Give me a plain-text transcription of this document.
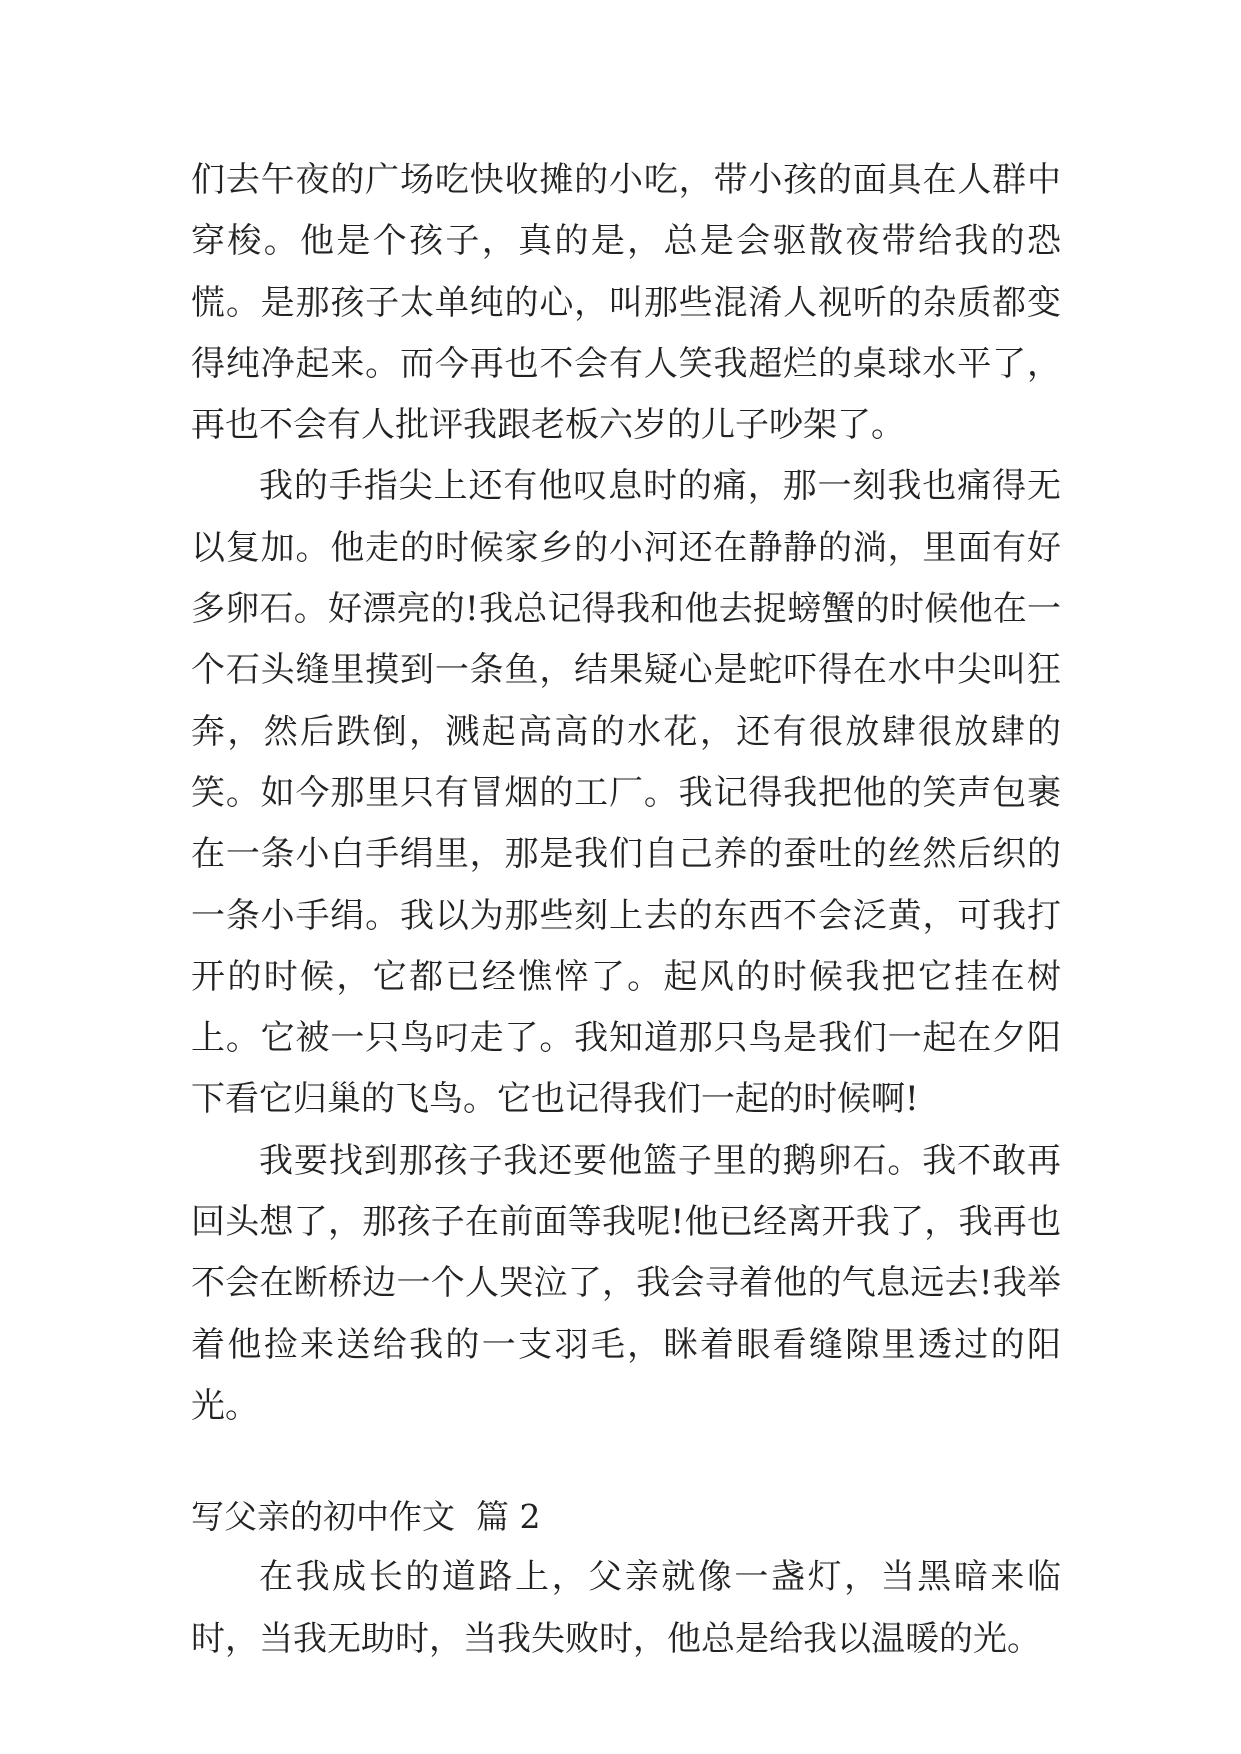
们去午夜的广场吃快收摊的小吃，带小孩的面具在人群中穿梭。他是个孩子，真的是，总是会驱散夜带给我的恐慌。是那孩子太单纯的心，叫那些混淆人视听的杂质都变得纯净起来。而今再也不会有人笑我超烂的桌球水平了，再也不会有人批评我跟老板六岁的儿子吵架了。

我的手指尖上还有他叹息时的痛，那一刻我也痛得无以复加。他走的时候家乡的小河还在静静的淌，里面有好多卵石。好漂亮的!我总记得我和他去捉螃蟹的时候他在一个石头缝里摸到一条鱼，结果疑心是蛇吓得在水中尖叫狂奔，然后跌倒，溅起高高的水花，还有很放肆很放肆的笑。如今那里只有冒烟的工厂。我记得我把他的笑声包裹在一条小白手绢里，那是我们自己养的蚕吐的丝然后织的一条小手绢。我以为那些刻上去的东西不会泛黄，可我打开的时候，它都已经憔悴了。起风的时候我把它挂在树上。它被一只鸟叼走了。我知道那只鸟是我们一起在夕阳下看它归巢的飞鸟。它也记得我们一起的时候啊!

我要找到那孩子我还要他篮子里的鹅卵石。我不敢再回头想了，那孩子在前面等我呢!他已经离开我了，我再也不会在断桥边一个人哭泣了，我会寻着他的气息远去!我举着他捡来送给我的一支羽毛，眯着眼看缝隙里透过的阳光。

写父亲的初中作文  篇 2

在我成长的道路上，父亲就像一盏灯，当黑暗来临时，当我无助时，当我失败时，他总是给我以温暖的光。
